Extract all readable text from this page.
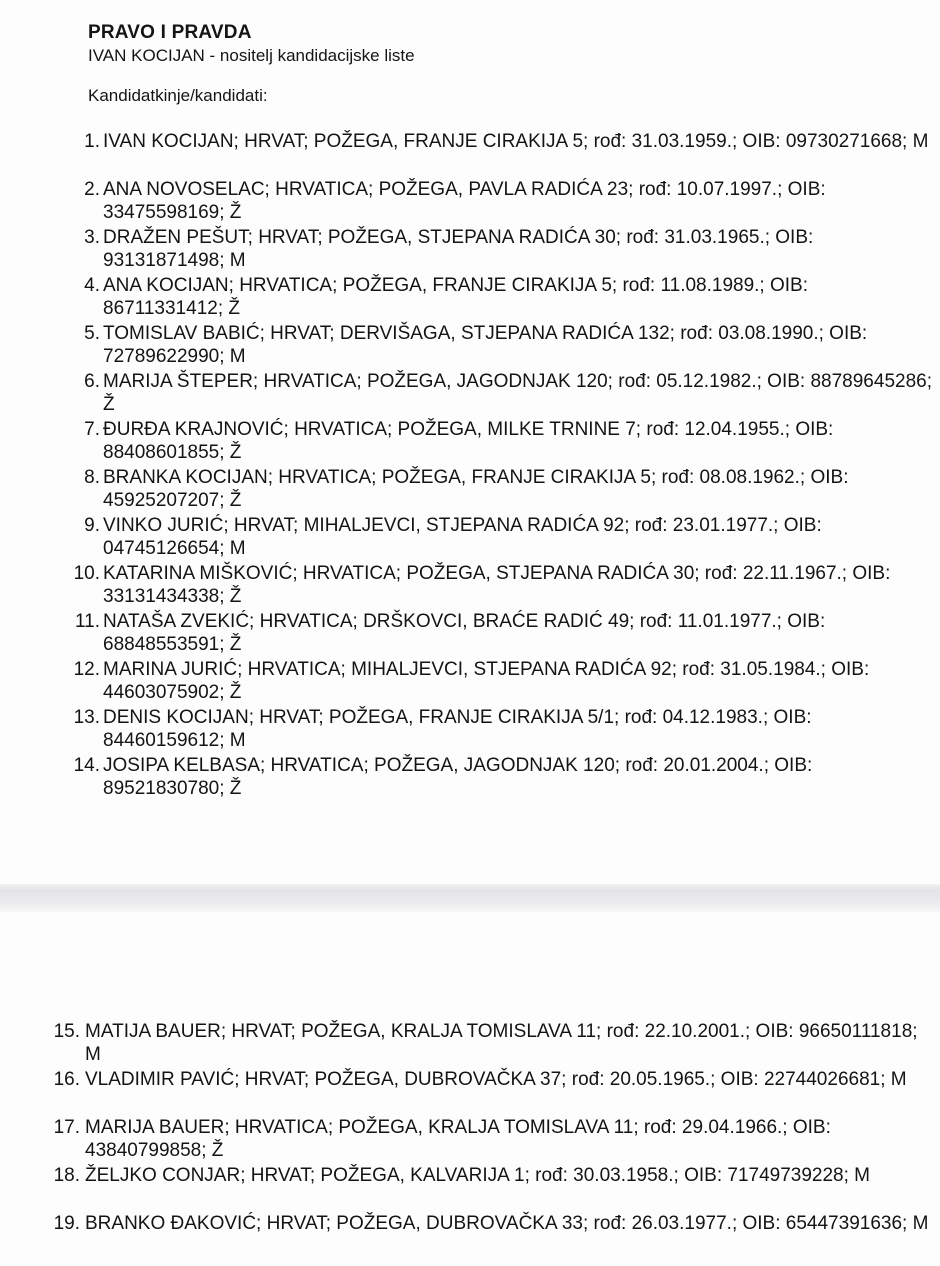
PRAVO I PRAVDA
IVAN KOCIJAN - nositelj kandidacijske liste
Kandidatkinje/kandidati:
1. IVAN KOCIJAN; HRVAT; POŽEGA, FRANJE CIRAKIJA 5; rođ: 31.03.1959.; OIB: 09730271668; M
2. ANA NOVOSELAC; HRVATICA; POŽEGA, PAVLA RADIĆA 23; rođ: 10.07.1997.; OIB: 33475598169; Ž
3. DRAŽEN PEŠUT; HRVAT; POŽEGA, STJEPANA RADIĆA 30; rođ: 31.03.1965.; OIB: 93131871498; M
4. ANA KOCIJAN; HRVATICA; POŽEGA, FRANJE CIRAKIJA 5; rođ: 11.08.1989.; OIB: 86711331412; Ž
5. TOMISLAV BABIĆ; HRVAT; DERVIŠAGA, STJEPANA RADIĆA 132; rođ: 03.08.1990.; OIB: 72789622990; M
6. MARIJA ŠTEPER; HRVATICA; POŽEGA, JAGODNJAK 120; rođ: 05.12.1982.; OIB: 88789645286; Ž
7. ĐURĐA KRAJNOVIĆ; HRVATICA; POŽEGA, MILKE TRNINE 7; rođ: 12.04.1955.; OIB: 88408601855; Ž
8. BRANKA KOCIJAN; HRVATICA; POŽEGA, FRANJE CIRAKIJA 5; rođ: 08.08.1962.; OIB: 45925207207; Ž
9. VINKO JURIĆ; HRVAT; MIHALJEVCI, STJEPANA RADIĆA 92; rođ: 23.01.1977.; OIB: 04745126654; M
10. KATARINA MIŠKOVIĆ; HRVATICA; POŽEGA, STJEPANA RADIĆA 30; rođ: 22.11.1967.; OIB: 33131434338; Ž
11. NATAŠA ZVEKIĆ; HRVATICA; DRŠKOVCI, BRAĆE RADIĆ 49; rođ: 11.01.1977.; OIB: 68848553591; Ž
12. MARINA JURIĆ; HRVATICA; MIHALJEVCI, STJEPANA RADIĆA 92; rođ: 31.05.1984.; OIB: 44603075902; Ž
13. DENIS KOCIJAN; HRVAT; POŽEGA, FRANJE CIRAKIJA 5/1; rođ: 04.12.1983.; OIB: 84460159612; M
14. JOSIPA KELBASA; HRVATICA; POŽEGA, JAGODNJAK 120; rođ: 20.01.2004.; OIB: 89521830780; Ž
15. MATIJA BAUER; HRVAT; POŽEGA, KRALJA TOMISLAVA 11; rođ: 22.10.2001.; OIB: 96650111818; M
16. VLADIMIR PAVIĆ; HRVAT; POŽEGA, DUBROVAČKA 37; rođ: 20.05.1965.; OIB: 22744026681; M
17. MARIJA BAUER; HRVATICA; POŽEGA, KRALJA TOMISLAVA 11; rođ: 29.04.1966.; OIB: 43840799858; Ž
18. ŽELJKO CONJAR; HRVAT; POŽEGA, KALVARIJA 1; rođ: 30.03.1958.; OIB: 71749739228; M
19. BRANKO ĐAKOVIĆ; HRVAT; POŽEGA, DUBROVAČKA 33; rođ: 26.03.1977.; OIB: 65447391636; M
